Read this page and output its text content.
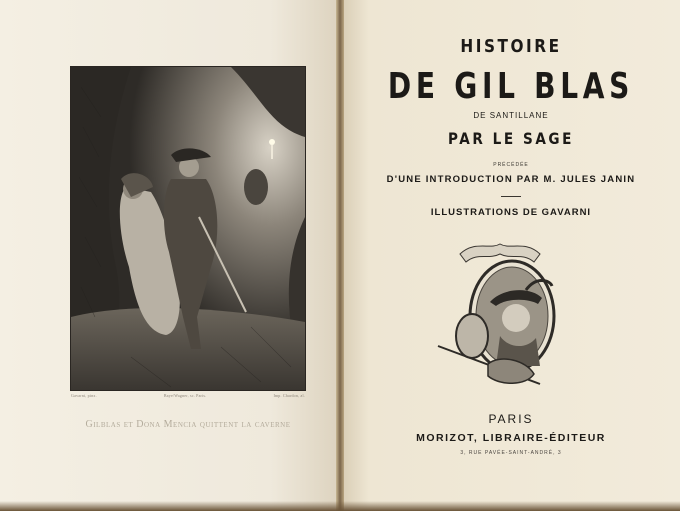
Gavarni, pinx.	Baye/Wagner, sc. Paris.	Imp. Chardon, aî.
Gilblas et Dona Mencia quittent la caverne
HISTOIRE
DE GIL BLAS
DE SANTILLANE
PAR LE SAGE
PRÉCÉDÉE
D'UNE INTRODUCTION PAR M. JULES JANIN
ILLUSTRATIONS DE GAVARNI
PARIS
MORIZOT, LIBRAIRE-ÉDITEUR
3, RUE PAVÉE-SAINT-ANDRÉ, 3
